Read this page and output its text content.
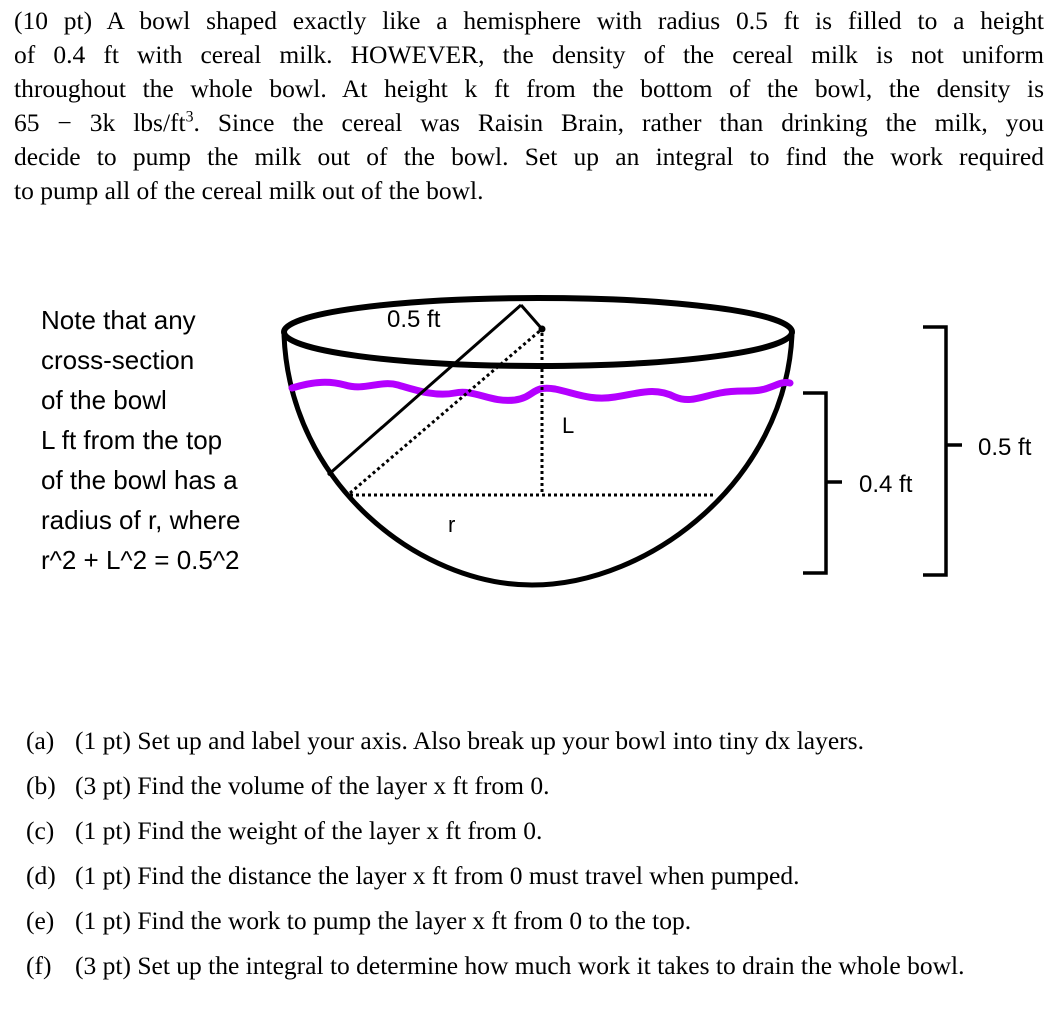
(10 pt) A bowl shaped exactly like a hemisphere with radius 0.5 ft is filled to a height
of 0.4 ft with cereal milk. HOWEVER, the density of the cereal milk is not uniform
throughout the whole bowl. At height k ft from the bottom of the bowl, the density is
65 − 3k lbs/$ft^3$. Since the cereal was Raisin Brain, rather than drinking the milk, you
decide to pump the milk out of the bowl. Set up an integral to find the work required
to pump all of the cereal milk out of the bowl.
Note that any
cross-section
of the bowl
L ft from the top
of the bowl has a
radius of r, where
r^2 + L^2 = 0.5^2
0.5 ft
L
r
0.4 ft
0.5 ft
(a) (1 pt) Set up and label your axis. Also break up your bowl into tiny dx layers.
(b) (3 pt) Find the volume of the layer x ft from 0.
(c) (1 pt) Find the weight of the layer x ft from 0.
(d) (1 pt) Find the distance the layer x ft from 0 must travel when pumped.
(e) (1 pt) Find the work to pump the layer x ft from 0 to the top.
(f) (3 pt) Set up the integral to determine how much work it takes to drain the whole bowl.
